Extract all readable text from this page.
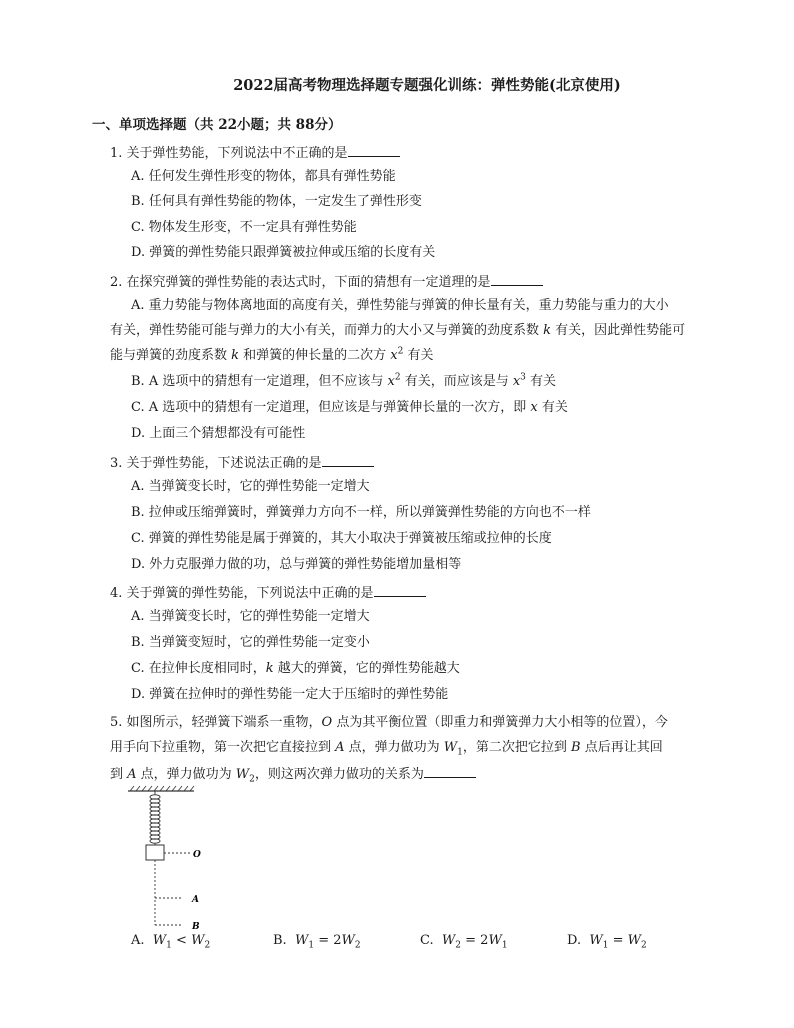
2022届高考物理选择题专题强化训练：弹性势能(北京使用)
一、单项选择题（共 22小题；共 88分）
1. 关于弹性势能，下列说法中不正确的是
A. 任何发生弹性形变的物体，都具有弹性势能
B. 任何具有弹性势能的物体，一定发生了弹性形变
C. 物体发生形变，不一定具有弹性势能
D. 弹簧的弹性势能只跟弹簧被拉伸或压缩的长度有关
2. 在探究弹簧的弹性势能的表达式时，下面的猜想有一定道理的是
A. 重力势能与物体离地面的高度有关，弹性势能与弹簧的伸长量有关，重力势能与重力的大小
有关，弹性势能可能与弹力的大小有关，而弹力的大小又与弹簧的劲度系数 k 有关，因此弹性势能可
能与弹簧的劲度系数 k 和弹簧的伸长量的二次方 $x^2$ 有关
B. A 选项中的猜想有一定道理，但不应该与 $x^2$ 有关，而应该是与 $x^3$ 有关
C. A 选项中的猜想有一定道理，但应该是与弹簧伸长量的一次方，即 x 有关
D. 上面三个猜想都没有可能性
3. 关于弹性势能，下述说法正确的是
A. 当弹簧变长时，它的弹性势能一定增大
B. 拉伸或压缩弹簧时，弹簧弹力方向不一样，所以弹簧弹性势能的方向也不一样
C. 弹簧的弹性势能是属于弹簧的，其大小取决于弹簧被压缩或拉伸的长度
D. 外力克服弹力做的功，总与弹簧的弹性势能增加量相等
4. 关于弹簧的弹性势能，下列说法中正确的是
A. 当弹簧变长时，它的弹性势能一定增大
B. 当弹簧变短时，它的弹性势能一定变小
C. 在拉伸长度相同时，k 越大的弹簧，它的弹性势能越大
D. 弹簧在拉伸时的弹性势能一定大于压缩时的弹性势能
5. 如图所示，轻弹簧下端系一重物，O 点为其平衡位置（即重力和弹簧弹力大小相等的位置），今
用手向下拉重物，第一次把它直接拉到 A 点，弹力做功为 $W_1$，第二次把它拉到 B 点后再让其回
到 A 点，弹力做功为 $W_2$，则这两次弹力做功的关系为
O
A
B
A. $W_1 < W_2$	B. $W_1 = 2W_2$	C. $W_2 = 2W_1$	D. $W_1 = W_2$
